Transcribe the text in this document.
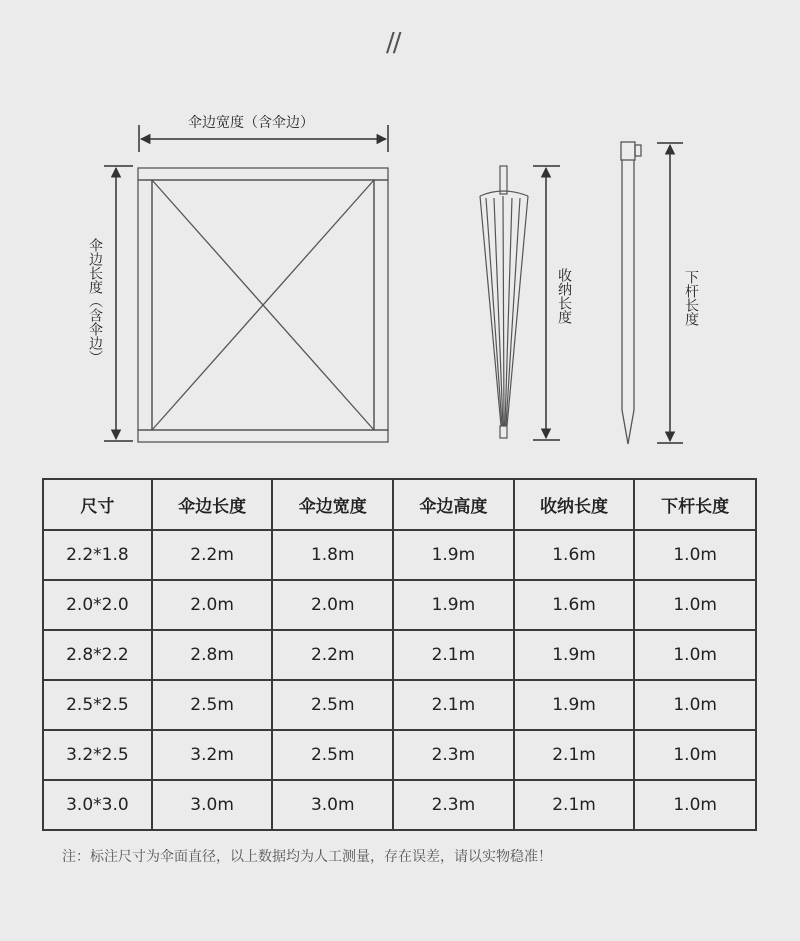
//
伞边宽度（含伞边）
伞边长度（含伞边）	收纳长度	下杆长度
尺寸	伞边长度	伞边宽度	伞边高度	收纳长度	下杆长度
2.2*1.8	2.2m	1.8m	1.9m	1.6m	1.0m
2.0*2.0	2.0m	2.0m	1.9m	1.6m	1.0m
2.8*2.2	2.8m	2.2m	2.1m	1.9m	1.0m
2.5*2.5	2.5m	2.5m	2.1m	1.9m	1.0m
3.2*2.5	3.2m	2.5m	2.3m	2.1m	1.0m
3.0*3.0	3.0m	3.0m	2.3m	2.1m	1.0m
注：标注尺寸为伞面直径，以上数据均为人工测量，存在误差，请以实物稳准！
